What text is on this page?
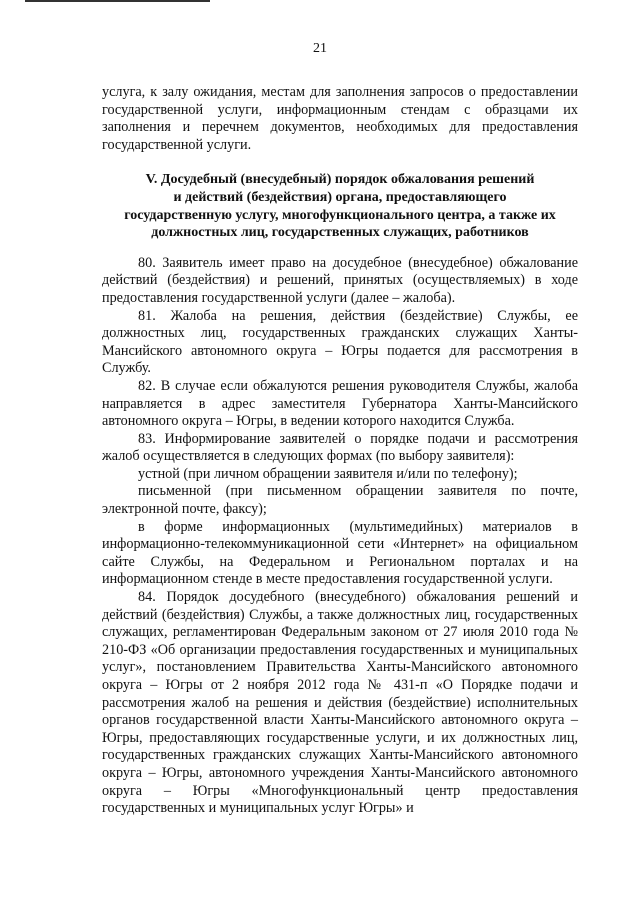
21

услуга, к залу ожидания, местам для заполнения запросов о предоставлении государственной услуги, информационным стендам с образцами их заполнения и перечнем документов, необходимых для предоставления государственной услуги.

V. Досудебный (внесудебный) порядок обжалования решений
и действий (бездействия) органа, предоставляющего
государственную услугу, многофункционального центра, а также их
должностных лиц, государственных служащих, работников

80. Заявитель имеет право на досудебное (внесудебное) обжалование действий (бездействия) и решений, принятых (осуществляемых) в ходе предоставления государственной услуги (далее – жалоба).

81. Жалоба на решения, действия (бездействие) Службы, ее должностных лиц, государственных гражданских служащих Ханты-Мансийского автономного округа – Югры подается для рассмотрения в Службу.

82. В случае если обжалуются решения руководителя Службы, жалоба направляется в адрес заместителя Губернатора Ханты-Мансийского автономного округа – Югры, в ведении которого находится Служба.

83. Информирование заявителей о порядке подачи и рассмотрения жалоб осуществляется в следующих формах (по выбору заявителя):

устной (при личном обращении заявителя и/или по телефону);

письменной (при письменном обращении заявителя по почте, электронной почте, факсу);

в форме информационных (мультимедийных) материалов в информационно-телекоммуникационной сети «Интернет» на официальном сайте Службы, на Федеральном и Региональном порталах и на информационном стенде в месте предоставления государственной услуги.

84. Порядок досудебного (внесудебного) обжалования решений и действий (бездействия) Службы, а также должностных лиц, государственных служащих, регламентирован Федеральным законом от 27 июля 2010 года № 210-ФЗ «Об организации предоставления государственных и муниципальных услуг», постановлением Правительства Ханты-Мансийского автономного округа – Югры от 2 ноября 2012 года № 431-п «О Порядке подачи и рассмотрения жалоб на решения и действия (бездействие) исполнительных органов государственной власти Ханты-Мансийского автономного округа – Югры, предоставляющих государственные услуги, и их должностных лиц, государственных гражданских служащих Ханты-Мансийского автономного округа – Югры, автономного учреждения Ханты-Мансийского автономного округа – Югры «Многофункциональный центр предоставления государственных и муниципальных услуг Югры» и
